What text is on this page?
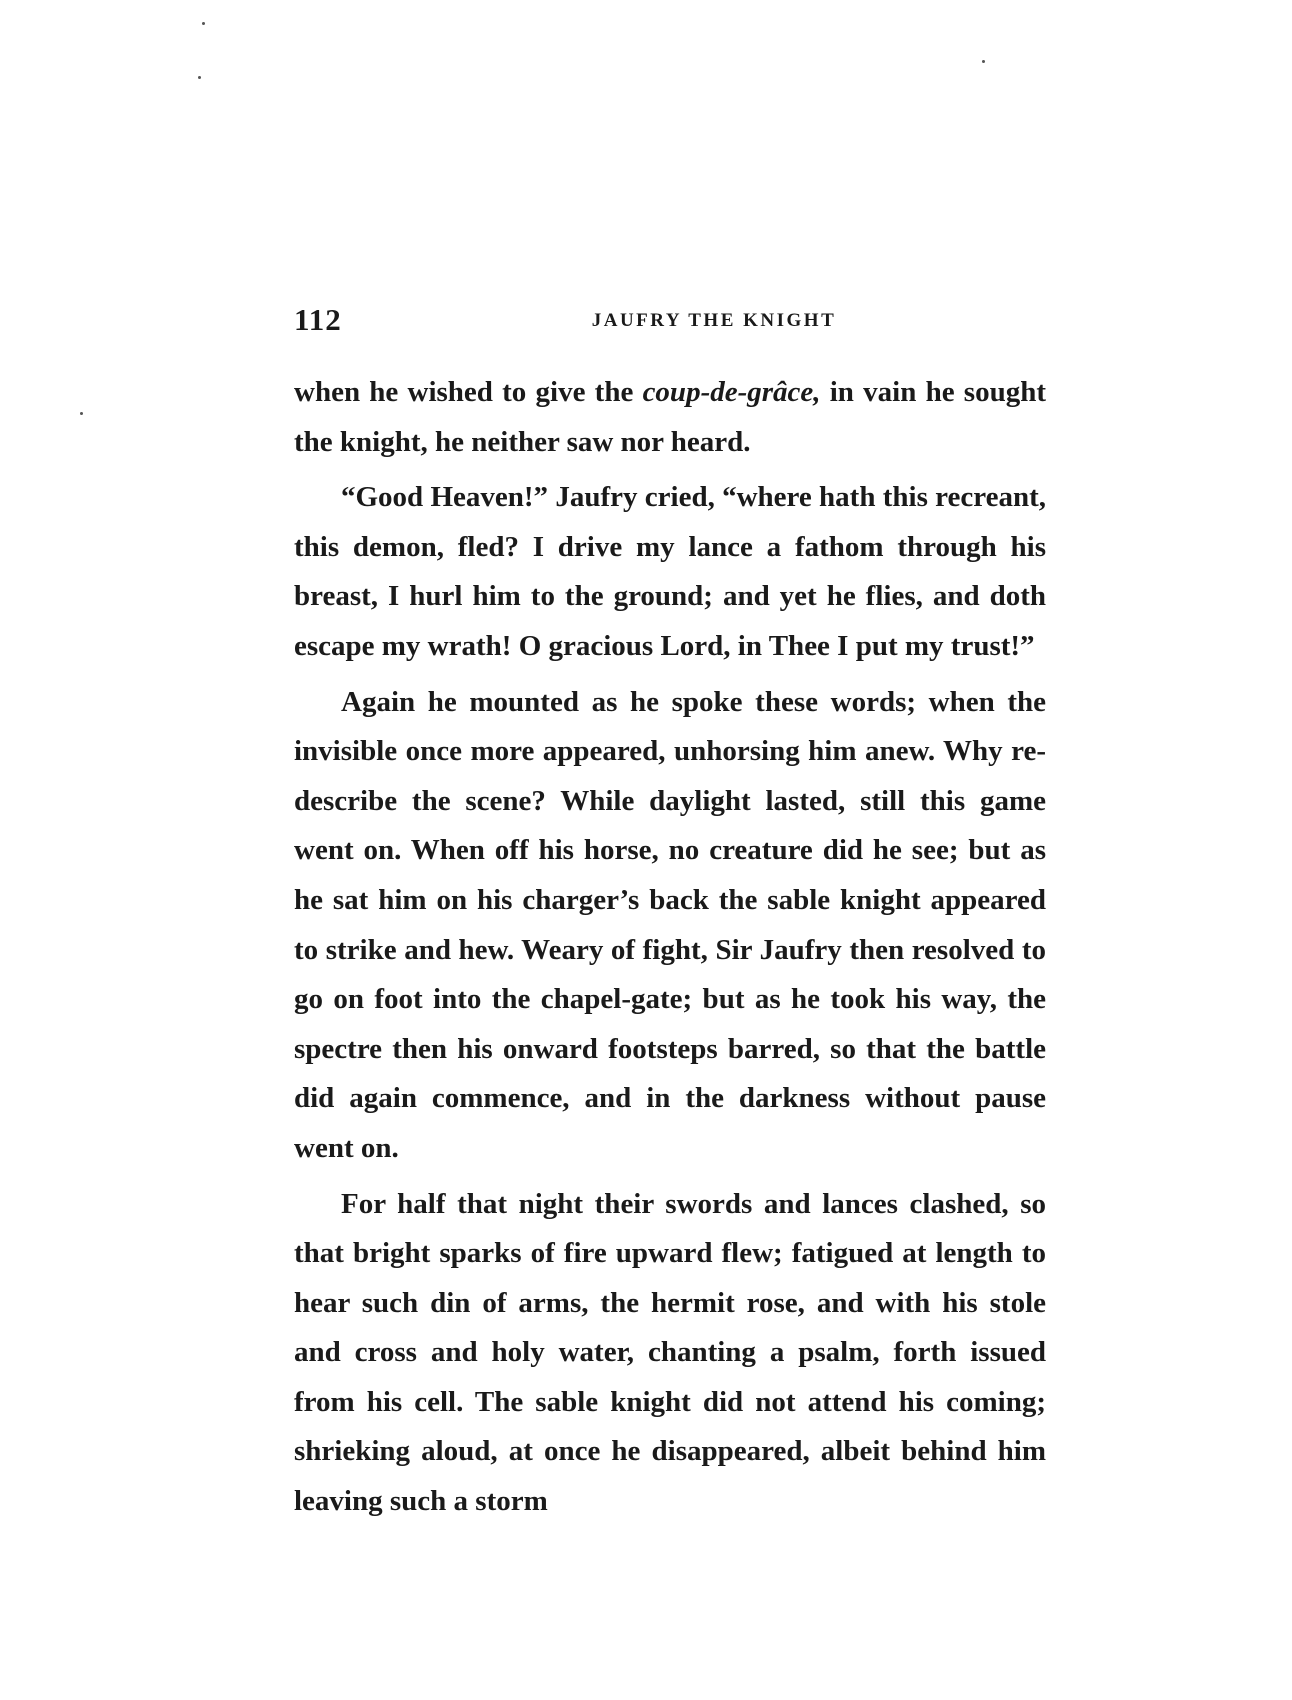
112	JAUFRY THE KNIGHT

when he wished to give the coup-de-grâce, in vain he sought the knight, he neither saw nor heard.

“Good Heaven!” Jaufry cried, “where hath this recreant, this demon, fled? I drive my lance a fathom through his breast, I hurl him to the ground; and yet he flies, and doth escape my wrath! O gracious Lord, in Thee I put my trust!”

Again he mounted as he spoke these words; when the invisible once more appeared, unhorsing him anew. Why re-describe the scene? While daylight lasted, still this game went on. When off his horse, no creature did he see; but as he sat him on his charger’s back the sable knight appeared to strike and hew. Weary of fight, Sir Jaufry then resolved to go on foot into the chapel-gate; but as he took his way, the spectre then his onward footsteps barred, so that the battle did again commence, and in the darkness without pause went on.

For half that night their swords and lances clashed, so that bright sparks of fire upward flew; fatigued at length to hear such din of arms, the hermit rose, and with his stole and cross and holy water, chanting a psalm, forth issued from his cell. The sable knight did not attend his coming; shrieking aloud, at once he disappeared, albeit behind him leaving such a storm
